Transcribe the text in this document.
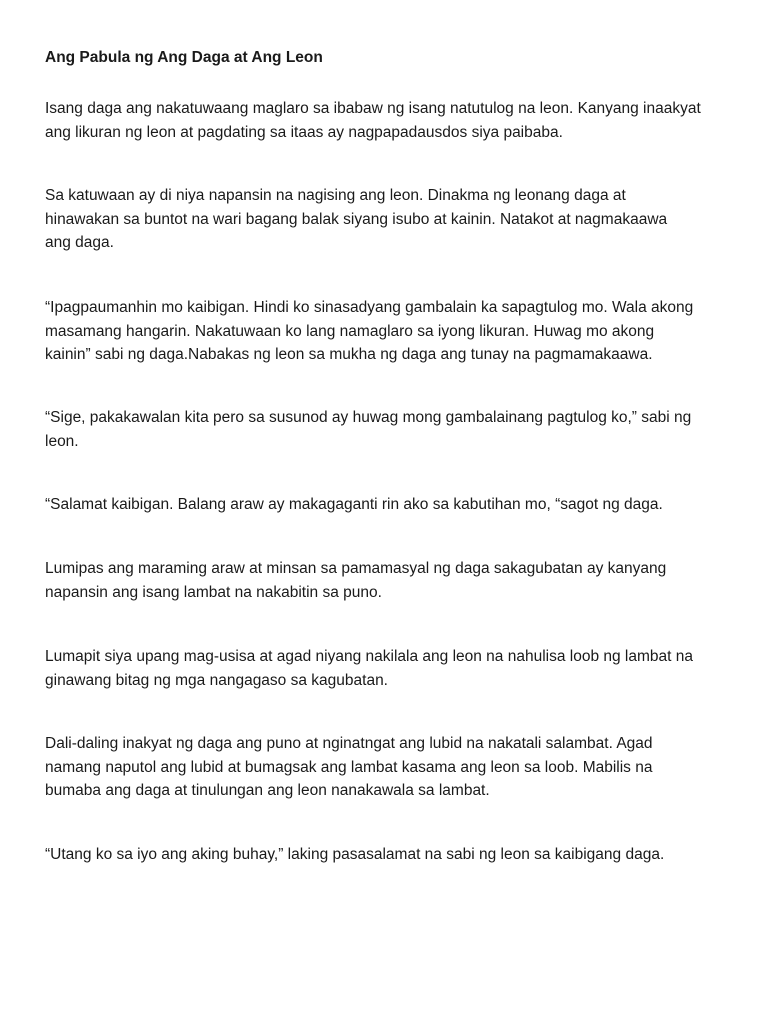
Ang Pabula ng Ang Daga at Ang Leon

Isang daga ang nakatuwaang maglaro sa ibabaw ng isang natutulog na leon. Kanyang inaakyat
ang likuran ng leon at pagdating sa itaas ay nagpapadausdos siya paibaba.

Sa katuwaan ay di niya napansin na nagising ang leon. Dinakma ng leonang daga at
hinawakan sa buntot na wari bagang balak siyang isubo at kainin. Natakot at nagmakaawa
ang daga.

“Ipagpaumanhin mo kaibigan. Hindi ko sinasadyang gambalain ka sapagtulog mo. Wala akong
masamang hangarin. Nakatuwaan ko lang namaglaro sa iyong likuran. Huwag mo akong
kainin” sabi ng daga.Nabakas ng leon sa mukha ng daga ang tunay na pagmamakaawa.

“Sige, pakakawalan kita pero sa susunod ay huwag mong gambalainang pagtulog ko,” sabi ng
leon.

“Salamat kaibigan. Balang araw ay makagaganti rin ako sa kabutihan mo, “sagot ng daga.

Lumipas ang maraming araw at minsan sa pamamasyal ng daga sakagubatan ay kanyang
napansin ang isang lambat na nakabitin sa puno.

Lumapit siya upang mag-usisa at agad niyang nakilala ang leon na nahulisa loob ng lambat na
ginawang bitag ng mga nangagaso sa kagubatan.

Dali-daling inakyat ng daga ang puno at nginatngat ang lubid na nakatali salambat. Agad
namang naputol ang lubid at bumagsak ang lambat kasama ang leon sa loob. Mabilis na
bumaba ang daga at tinulungan ang leon nanakawala sa lambat.

“Utang ko sa iyo ang aking buhay,” laking pasasalamat na sabi ng leon sa kaibigang daga.
